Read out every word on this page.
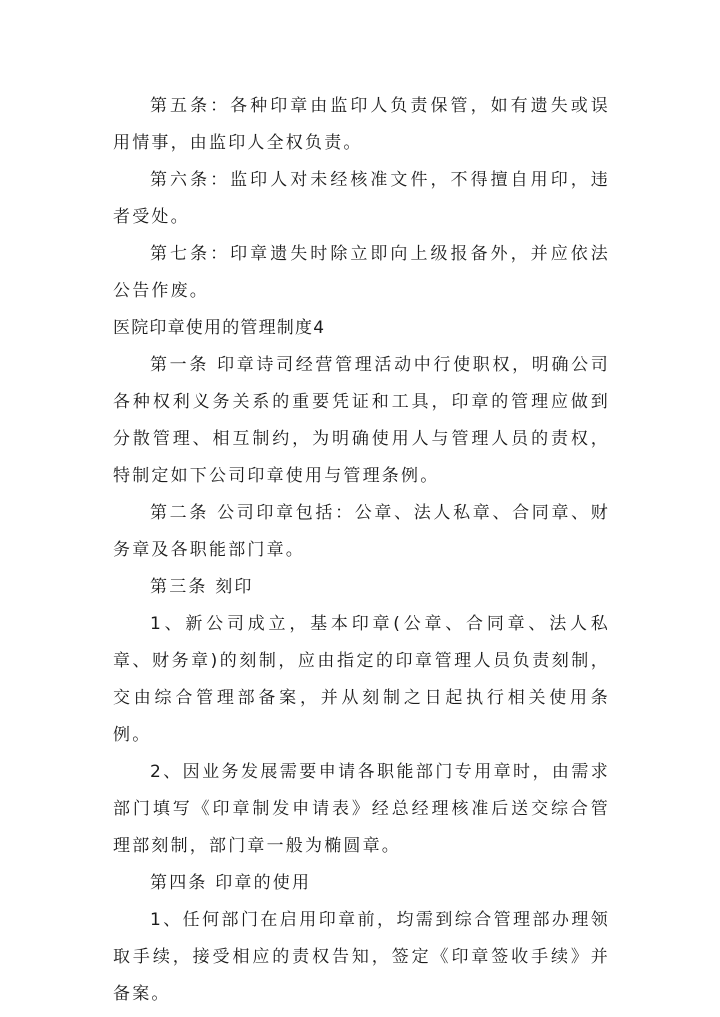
第五条：各种印章由监印人负责保管，如有遗失或误用情事，由监印人全权负责。

第六条：监印人对未经核准文件，不得擅自用印，违者受处。

第七条：印章遗失时除立即向上级报备外，并应依法公告作废。

医院印章使用的管理制度4

第一条 印章诗司经营管理活动中行使职权，明确公司各种权利义务关系的重要凭证和工具，印章的管理应做到分散管理、相互制约，为明确使用人与管理人员的责权，特制定如下公司印章使用与管理条例。

第二条 公司印章包括：公章、法人私章、合同章、财务章及各职能部门章。

第三条 刻印

1、新公司成立，基本印章(公章、合同章、法人私章、财务章)的刻制，应由指定的印章管理人员负责刻制，交由综合管理部备案，并从刻制之日起执行相关使用条例。

2、因业务发展需要申请各职能部门专用章时，由需求部门填写《印章制发申请表》经总经理核准后送交综合管理部刻制，部门章一般为椭圆章。

第四条 印章的使用

1、任何部门在启用印章前，均需到综合管理部办理领取手续，接受相应的责权告知，签定《印章签收手续》并备案。
